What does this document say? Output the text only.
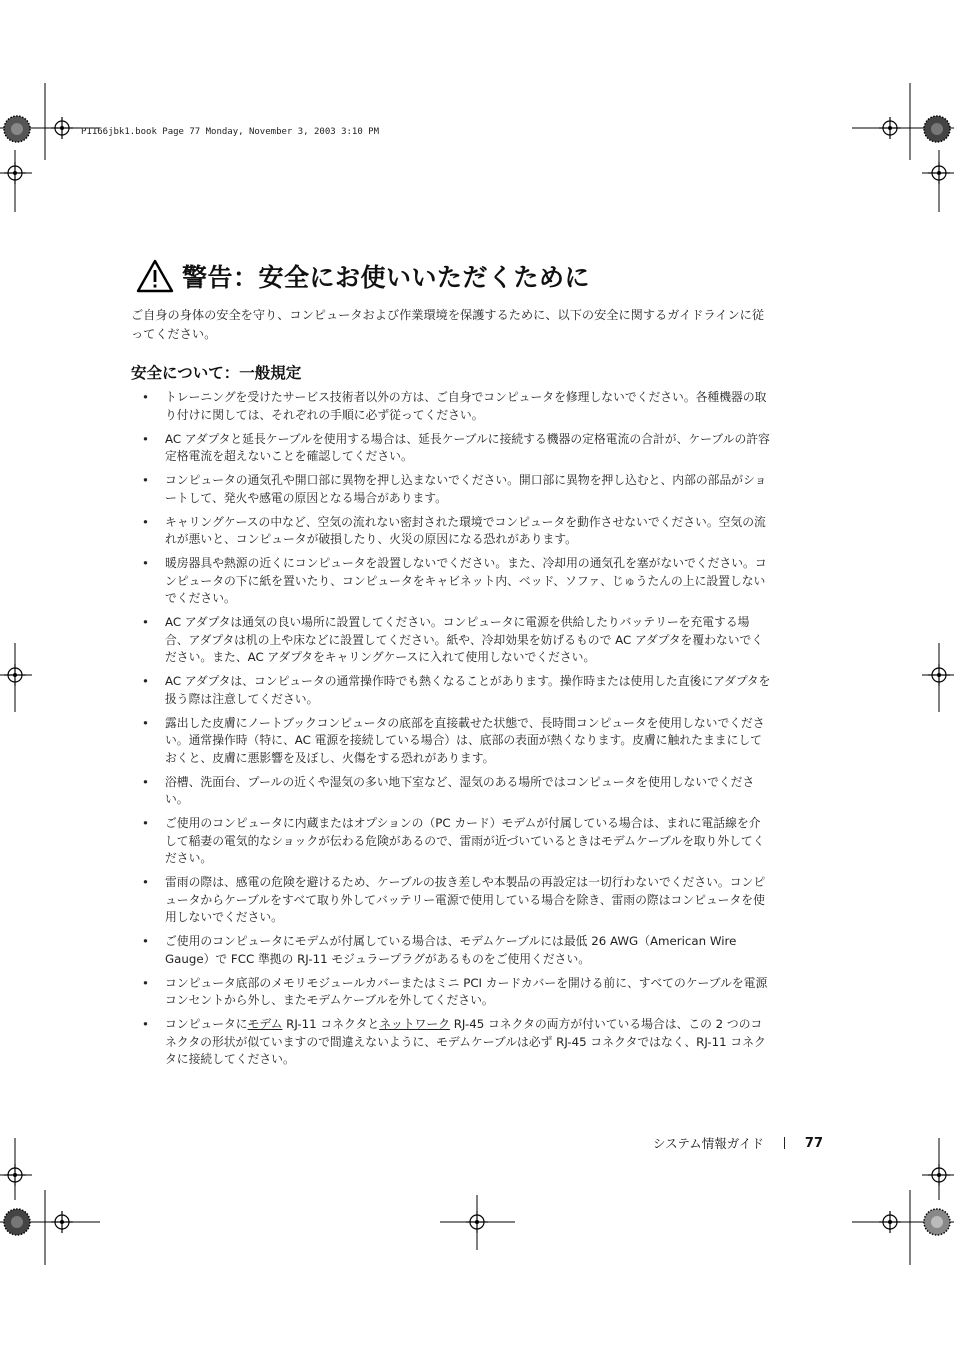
P1166jbk1.book Page 77 Monday, November 3, 2003 3:10 PM
警告：安全にお使いいただくために
ご自身の身体の安全を守り、コンピュータおよび作業環境を保護するために、以下の安全に関するガイドラインに従ってください。
安全について：一般規定
• トレーニングを受けたサービス技術者以外の方は、ご自身でコンピュータを修理しないでください。各種機器の取り付けに関しては、それぞれの手順に必ず従ってください。
• AC アダプタと延長ケーブルを使用する場合は、延長ケーブルに接続する機器の定格電流の合計が、ケーブルの許容定格電流を超えないことを確認してください。
• コンピュータの通気孔や開口部に異物を押し込まないでください。開口部に異物を押し込むと、内部の部品がショートして、発火や感電の原因となる場合があります。
• キャリングケースの中など、空気の流れない密封された環境でコンピュータを動作させないでください。空気の流れが悪いと、コンピュータが破損したり、火災の原因になる恐れがあります。
• 暖房器具や熱源の近くにコンピュータを設置しないでください。また、冷却用の通気孔を塞がないでください。コンピュータの下に紙を置いたり、コンピュータをキャビネット内、ベッド、ソファ、じゅうたんの上に設置しないでください。
• AC アダプタは通気の良い場所に設置してください。コンピュータに電源を供給したりバッテリーを充電する場合、アダプタは机の上や床などに設置してください。紙や、冷却効果を妨げるもので AC アダプタを覆わないでください。また、AC アダプタをキャリングケースに入れて使用しないでください。
• AC アダプタは、コンピュータの通常操作時でも熱くなることがあります。操作時または使用した直後にアダプタを扱う際は注意してください。
• 露出した皮膚にノートブックコンピュータの底部を直接載せた状態で、長時間コンピュータを使用しないでください。通常操作時（特に、AC 電源を接続している場合）は、底部の表面が熱くなります。皮膚に触れたままにしておくと、皮膚に悪影響を及ぼし、火傷をする恐れがあります。
• 浴槽、洗面台、プールの近くや湿気の多い地下室など、湿気のある場所ではコンピュータを使用しないでください。
• ご使用のコンピュータに内蔵またはオプションの（PC カード）モデムが付属している場合は、まれに電話線を介して稲妻の電気的なショックが伝わる危険があるので、雷雨が近づいているときはモデムケーブルを取り外してください。
• 雷雨の際は、感電の危険を避けるため、ケーブルの抜き差しや本製品の再設定は一切行わないでください。コンピュータからケーブルをすべて取り外してバッテリー電源で使用している場合を除き、雷雨の際はコンピュータを使用しないでください。
• ご使用のコンピュータにモデムが付属している場合は、モデムケーブルには最低 26 AWG（American Wire Gauge）で FCC 準拠の RJ-11 モジュラープラグがあるものをご使用ください。
• コンピュータ底部のメモリモジュールカバーまたはミニ PCI カードカバーを開ける前に、すべてのケーブルを電源コンセントから外し、またモデムケーブルを外してください。
• コンピュータにモデム RJ-11 コネクタとネットワーク RJ-45 コネクタの両方が付いている場合は、この 2 つのコネクタの形状が似ていますので間違えないように、モデムケーブルは必ず RJ-45 コネクタではなく、RJ-11 コネクタに接続してください。
システム情報ガイド	77
